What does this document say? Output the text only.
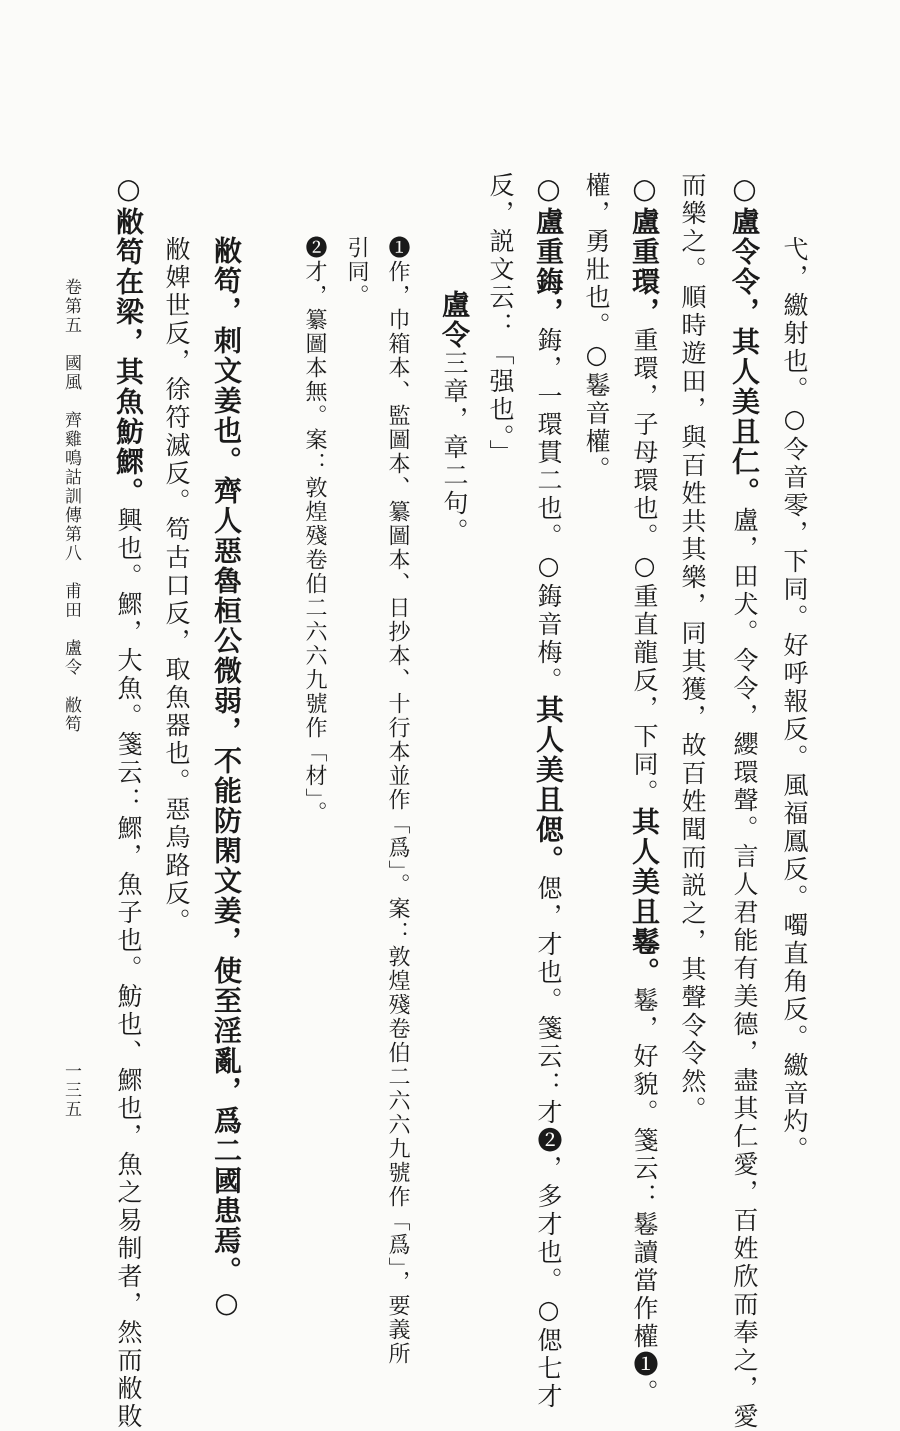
弋，繳射也。○令音零，下同。好呼報反。風福鳳反。噣直角反。繳音灼。
○盧令令，其人美且仁。盧，田犬。令令，纓環聲。言人君能有美德，盡其仁愛，百姓欣而奉之，愛
而樂之。順時遊田，與百姓共其樂，同其獲，故百姓聞而説之，其聲令令然。
○盧重環，重環，子母環也。○重直龍反，下同。其人美且鬈。鬈，好貌。箋云：鬈讀當作權❶。
權，勇壯也。○鬈音權。
○盧重鋂，鋂，一環貫二也。○鋂音梅。其人美且偲。偲，才也。箋云：才❷，多才也。○偲七才
反，説文云：「强也。」
盧令三章，章二句。
❶作，巾箱本、監圖本、纂圖本、日抄本、十行本並作「爲」。案：敦煌殘卷伯二六六九號作「爲」，要義所
引同。
❷才，纂圖本無。案：敦煌殘卷伯二六六九號作「材」。
敝笱，刺文姜也。齊人惡魯桓公微弱，不能防閑文姜，使至淫亂，爲二國患焉。○
敝婢世反，徐符滅反。笱古口反，取魚器也。惡烏路反。
○敝笱在梁，其魚魴鰥。興也。鰥，大魚。箋云：鰥，魚子也。魴也、鰥也，魚之易制者，然而敝敗
卷第五　國風　齊雞鳴詁訓傳第八　甫田　盧令　敝笱
一三五
